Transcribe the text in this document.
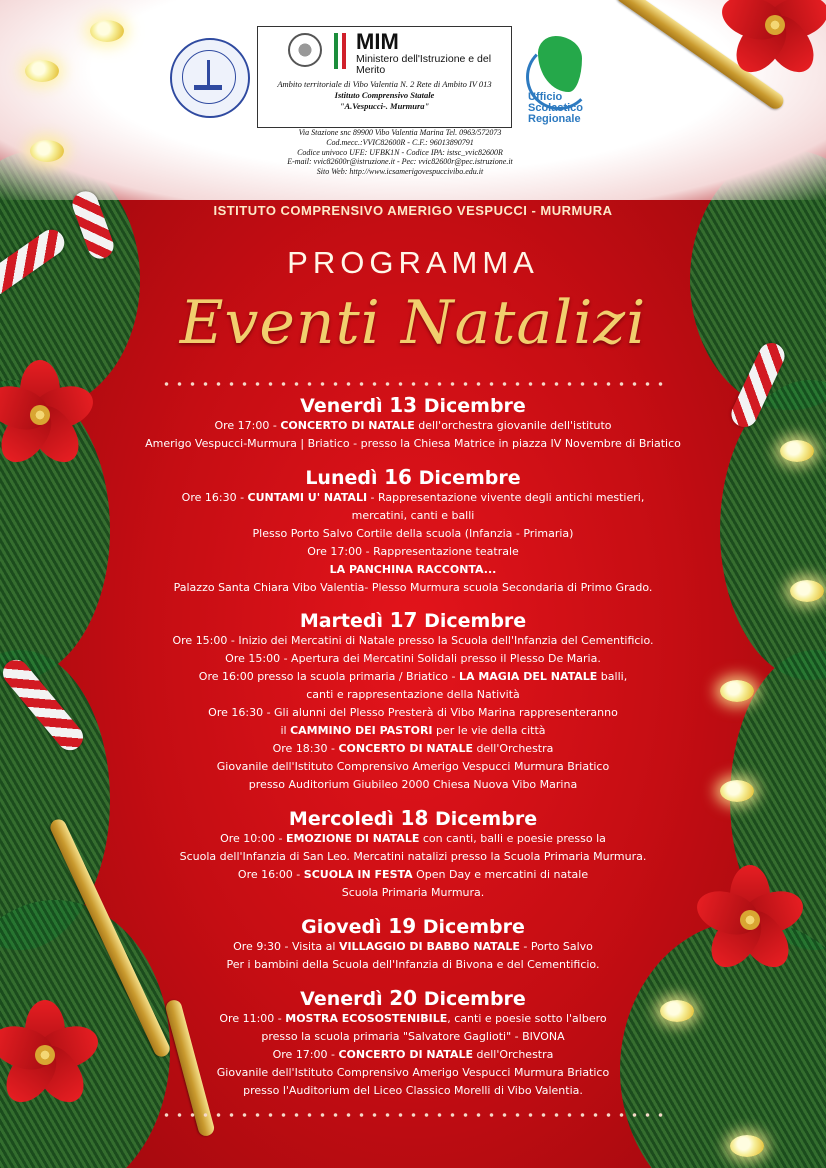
MIM
Ministero dell'Istruzione e del Merito
Ambito territoriale di Vibo Valentia N. 2 Rete di Ambito IV 013
Istituto Comprensivo Statale
"A.Vespucci-. Murmura"
Ufficio
Scolastico
Regionale
Via Stazione snc 89900 Vibo Valentia Marina Tel. 0963/572073
Cod.mecc.:VVIC82600R - C.F.: 96013890791
Codice univoco UFE: UFBK1N - Codice IPA: istsc_vvic82600R
E-mail: vvic82600r@istruzione.it - Pec: vvic82600r@pec.istruzione.it
Sito Web: http://www.icsamerigovespuccivibo.edu.it
ISTITUTO COMPRENSIVO AMERIGO VESPUCCI - MURMURA
PROGRAMMA
Eventi Natalizi
Venerdì 13 Dicembre

Ore 17:00 - CONCERTO DI NATALE dell'orchestra giovanile dell'istituto

Amerigo Vespucci-Murmura | Briatico - presso la Chiesa Matrice in piazza IV Novembre di Briatico

Lunedì 16 Dicembre

Ore 16:30 - CUNTAMI U' NATALI - Rappresentazione vivente degli antichi mestieri,

mercatini, canti e balli

Plesso Porto Salvo Cortile della scuola (Infanzia - Primaria)

Ore 17:00 - Rappresentazione teatrale

LA PANCHINA RACCONTA...

Palazzo Santa Chiara Vibo Valentia- Plesso Murmura scuola Secondaria di Primo Grado.

Martedì 17 Dicembre

Ore 15:00 - Inizio dei Mercatini di Natale presso la Scuola dell'Infanzia del Cementificio.

Ore 15:00 - Apertura dei Mercatini Solidali presso il Plesso De Maria.

Ore 16:00 presso la scuola primaria / Briatico - LA MAGIA DEL NATALE balli,

canti e rappresentazione della Natività

Ore 16:30 - Gli alunni del Plesso Presterà di Vibo Marina rappresenteranno

il CAMMINO DEI PASTORI per le vie della città

Ore 18:30 - CONCERTO DI NATALE dell'Orchestra

Giovanile dell'Istituto Comprensivo Amerigo Vespucci Murmura Briatico

presso Auditorium Giubileo 2000 Chiesa Nuova Vibo Marina

Mercoledì 18 Dicembre

Ore 10:00 - EMOZIONE DI NATALE con canti, balli e poesie presso la

Scuola dell'Infanzia di San Leo. Mercatini natalizi presso la Scuola Primaria Murmura.

Ore 16:00 - SCUOLA IN FESTA Open Day e mercatini di natale

Scuola Primaria Murmura.

Giovedì 19 Dicembre

Ore 9:30 - Visita al VILLAGGIO DI BABBO NATALE - Porto Salvo

Per i bambini della Scuola dell'Infanzia di Bivona e del Cementificio.

Venerdì 20 Dicembre

Ore 11:00 - MOSTRA ECOSOSTENIBILE, canti e poesie sotto l'albero

presso la scuola primaria "Salvatore Gaglioti" - BIVONA

Ore 17:00 - CONCERTO DI NATALE dell'Orchestra

Giovanile dell'Istituto Comprensivo Amerigo Vespucci Murmura Briatico

presso l'Auditorium del Liceo Classico Morelli di Vibo Valentia.
